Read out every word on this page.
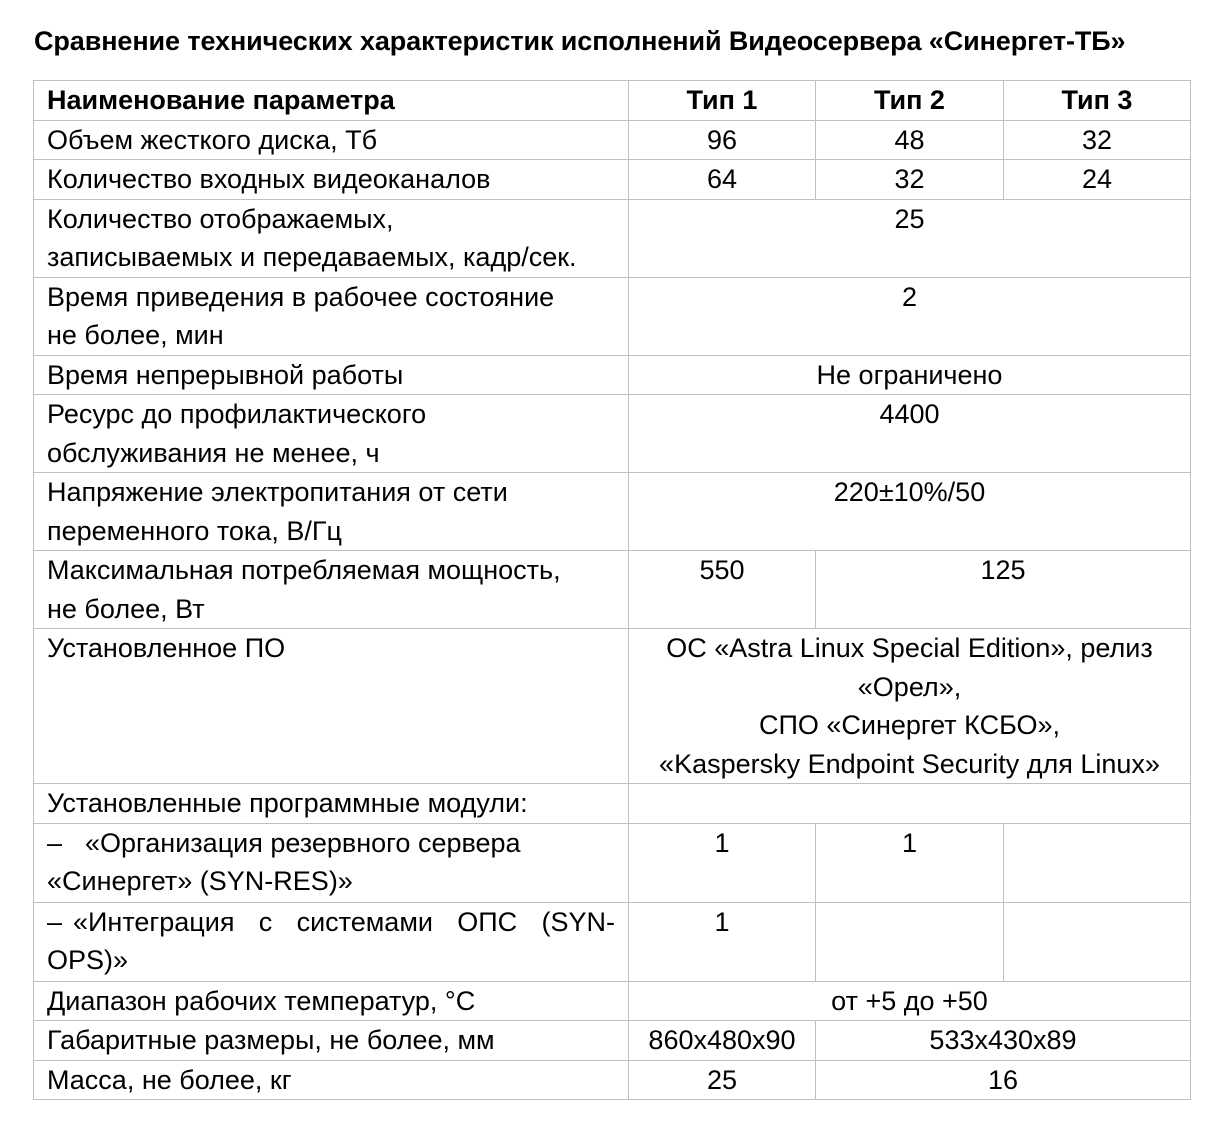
Сравнение технических характеристик исполнений Видеосервера «Синергет-ТБ»
Наименование параметра	Тип 1	Тип 2	Тип 3
Объем жесткого диска, Тб	96	48	32
Количество входных видеоканалов	64	32	24

Количество отображаемых,
записываемых и передаваемых, кадр/сек.	25		

Время приведения в рабочее состояние
не более, мин	2		
Время непрерывной работы	Не ограничено		

Ресурс до профилактического
обслуживания не менее, ч	4400		

Напряжение электропитания от сети
переменного тока, В/Гц	220±10%/50		

Максимальная потребляемая мощность,
не более, Вт	550	125	
Установленное ПО	ОС «Astra Linux Special Edition», релиз
«Орел»,
СПО «Синергет КСБО»,
«Kaspersky Endpoint Security для Linux»		

Установленные программные модули:			

– «Организация резервного сервера
«Синергет» (SYN-RES)»	1	1	

– «Интеграция с системами ОПС (SYN-
OPS)»	1		
Диапазон рабочих температур, °С	от +5 до +50		
Габаритные размеры, не более, мм	860x480x90	533x430x89	
Масса, не более, кг	25	16	
